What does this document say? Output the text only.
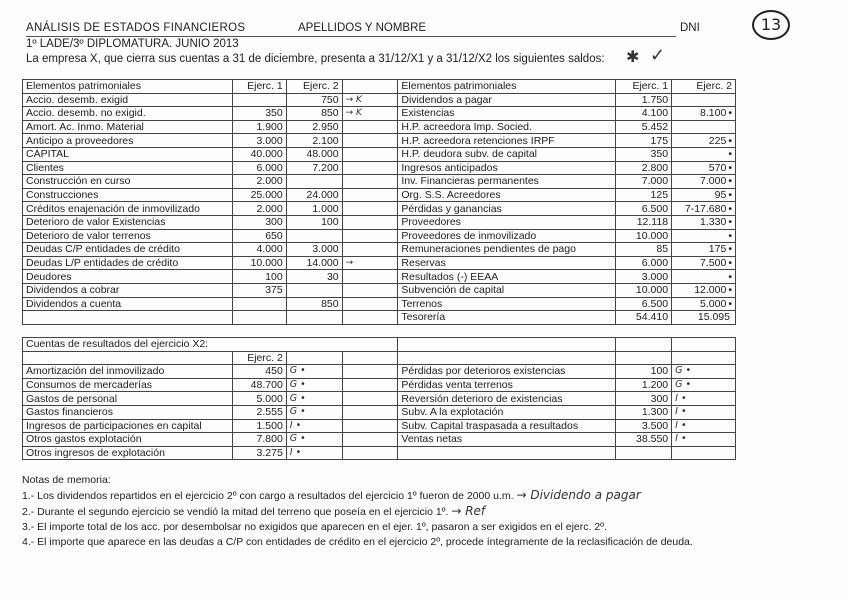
ANÁLISIS DE ESTADOS FINANCIEROS	APELLIDOS Y NOMBRE	DNI	13
1º LADE/3º DIPLOMATURA. JUNIO 2013
La empresa X, que cierra sus cuentas a 31 de diciembre, presenta a 31/12/X1 y a 31/12/X2 los siguientes saldos: ✱ ✓
Elementos patrimoniales	Ejerc. 1	Ejerc. 2		Elementos patrimoniales	Ejerc. 1	Ejerc. 2
Accio. desemb. exigid		750	→ K	Dividendos a pagar	1.750	
Accio. desemb. no exigid.	350	850	→ K	Existencias	4.100	8.100 •
Amort. Ac. Inmo. Material	1.900	2.950		H.P. acreedora Imp. Socied.	5.452	
Anticipo a proveedores	3.000	2.100		H.P. acreedora retenciones IRPF	175	225 •
CAPITAL	40.000	48.000		H.P. deudora subv. de capital	350	•
Clientes	6.000	7.200		Ingresos anticipados	2.800	570 •
Construcción en curso	2.000			Inv. Financieras permanentes	7.000	7.000 •
Construcciones	25.000	24.000		Org. S.S. Acreedores	125	95 •
Créditos enajenación de inmovilizado	2.000	1.000		Pérdidas y ganancias	6.500	7-17.680 •
Deterioro de valor Existencias	300	100		Proveedores	12.118	1.330 •
Deterioro de valor terrenos	650			Proveedores de inmovilizado	10.000	•
Deudas C/P entidades de crédito	4.000	3.000		Remuneraciones pendientes de pago	85	175 •
Deudas L/P entidades de crédito	10.000	14.000	→	Reservas	6.000	7.500 •
Deudores	100	30		Resultados (-) EEAA	3.000	•
Dividendos a cobrar	375			Subvención de capital	10.000	12.000 •
Dividendos a cuenta		850		Terrenos	6.500	5.000 •
				Tesorería	54.410	15.095
Cuentas de resultados del ejercicio X2:						
	Ejerc. 2					
Amortización del inmovilizado	450	G •		Pérdidas por deterioros existencias	100	G •
Consumos de mercaderías	48.700	G •		Pérdidas venta terrenos	1.200	G •
Gastos de personal	5.000	G •		Reversión deterioro de existencias	300	I •
Gastos financieros	2.555	G •		Subv. A la explotación	1.300	I •
Ingresos de participaciones en capital	1.500	I •		Subv. Capital traspasada a resultados	3.500	I •
Otros gastos explotación	7.800	G •		Ventas netas	38.550	I •
Otros ingresos de explotación	3.275	I •				
Notas de memoria:
1.- Los dividendos repartidos en el ejercicio 2º con cargo a resultados del ejercicio 1º fueron de 2000 u.m. → Dividendo a pagar
2.- Durante el segundo ejercicio se vendió la mitad del terreno que poseía en el ejercicio 1º. → Ref
3.- El importe total de los acc. por desembolsar no exigidos que aparecen en el ejer. 1º, pasaron a ser exigidos en el ejerc. 2º.
4.- El importe que aparece en las deudas a C/P con entidades de crédito en el ejercicio 2º, procede íntegramente de la reclasificación de deuda.
